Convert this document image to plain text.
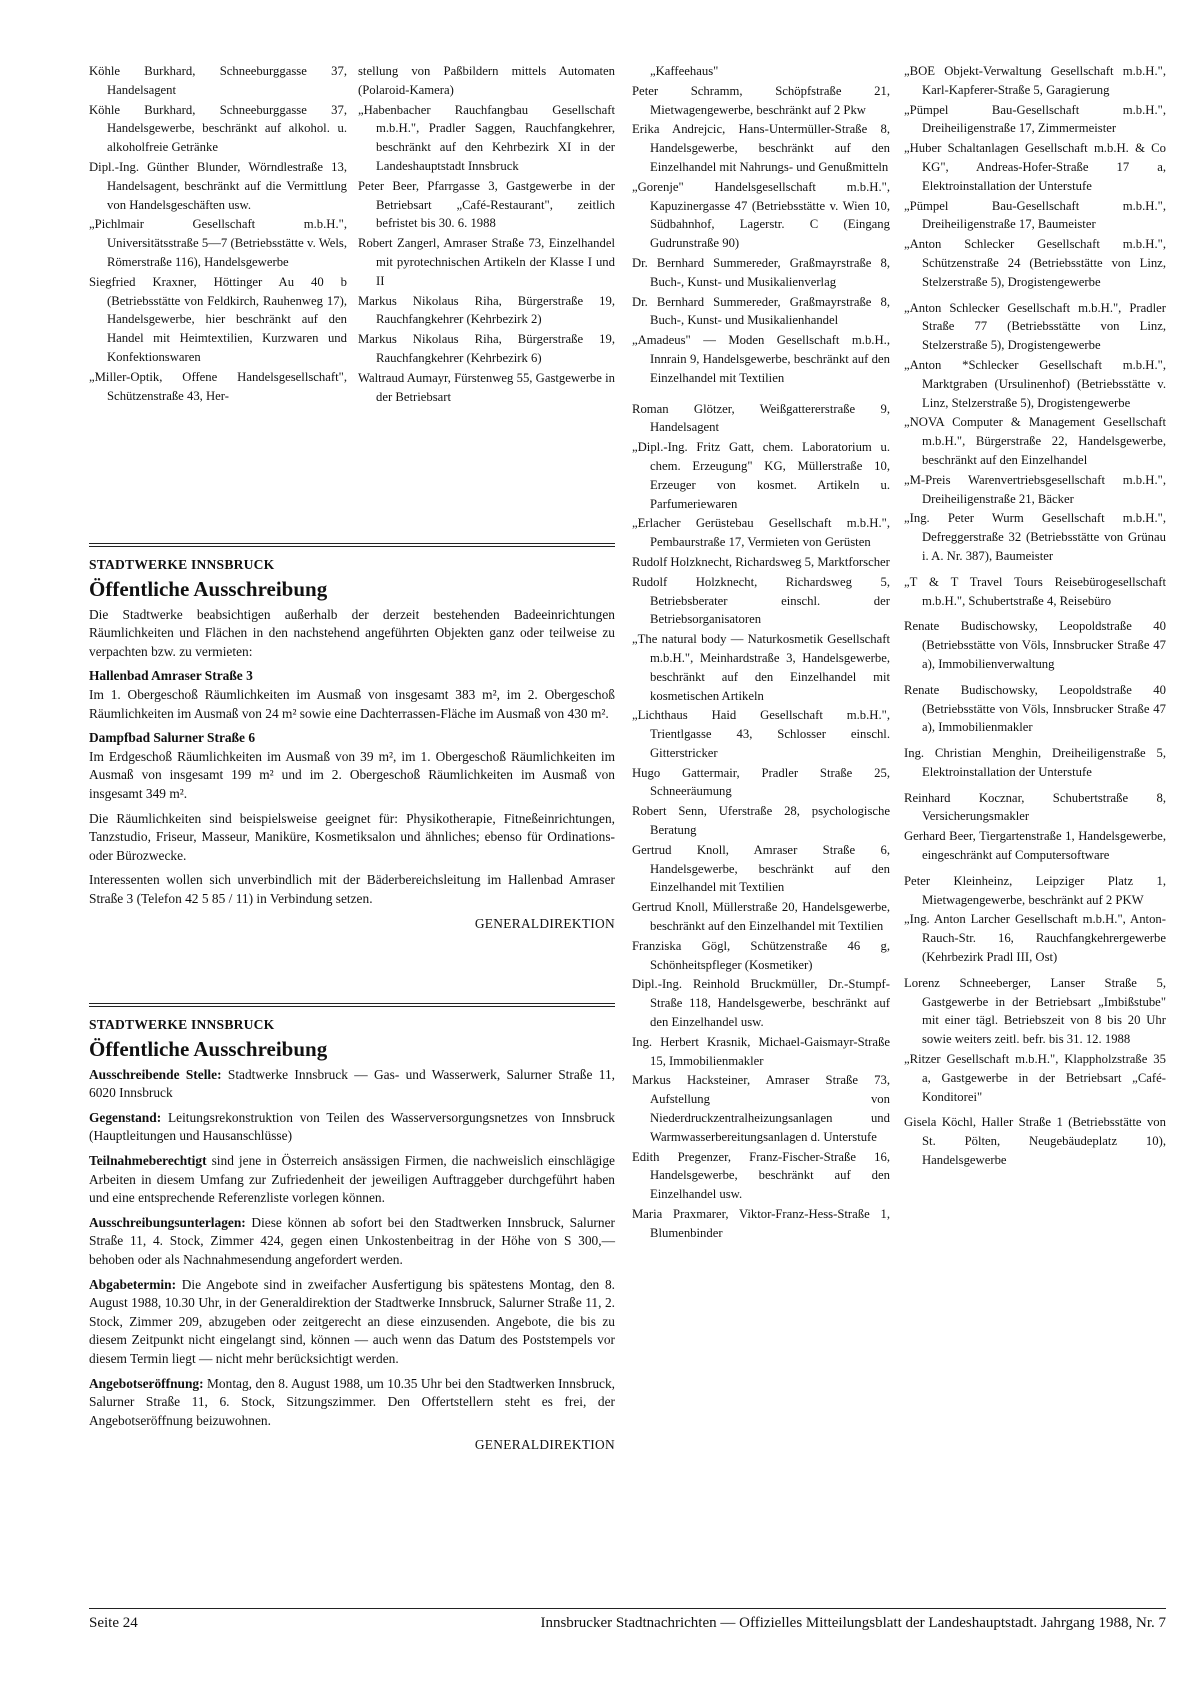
Köhle Burkhard, Schneeburggasse 37, Handelsagent

Köhle Burkhard, Schneeburggasse 37, Handelsgewerbe, beschränkt auf alkohol. u. alkoholfreie Getränke

Dipl.-Ing. Günther Blunder, Wörndlestraße 13, Handelsagent, beschränkt auf die Vermittlung von Handelsgeschäften usw.

„Pichlmair Gesellschaft m.b.H.", Universitätsstraße 5—7 (Betriebsstätte v. Wels, Römerstraße 116), Handelsgewerbe

Siegfried Kraxner, Höttinger Au 40 b (Betriebsstätte von Feldkirch, Rauhenweg 17), Handelsgewerbe, hier beschränkt auf den Handel mit Heimtextilien, Kurzwaren und Konfektionswaren

„Miller-Optik, Offene Handelsgesellschaft", Schützenstraße 43, Her-

stellung von Paßbildern mittels Automaten (Polaroid-Kamera)

„Habenbacher Rauchfangbau Gesellschaft m.b.H.", Pradler Saggen, Rauchfangkehrer, beschränkt auf den Kehrbezirk XI in der Landeshauptstadt Innsbruck

Peter Beer, Pfarrgasse 3, Gastgewerbe in der Betriebsart „Café-Restaurant", zeitlich befristet bis 30. 6. 1988

Robert Zangerl, Amraser Straße 73, Einzelhandel mit pyrotechnischen Artikeln der Klasse I und II

Markus Nikolaus Riha, Bürgerstraße 19, Rauchfangkehrer (Kehrbezirk 2)

Markus Nikolaus Riha, Bürgerstraße 19, Rauchfangkehrer (Kehrbezirk 6)

Waltraud Aumayr, Fürstenweg 55, Gastgewerbe in der Betriebsart

„Kaffeehaus"

Peter Schramm, Schöpfstraße 21, Mietwagengewerbe, beschränkt auf 2 Pkw

Erika Andrejcic, Hans-Untermüller-Straße 8, Handelsgewerbe, beschränkt auf den Einzelhandel mit Nahrungs- und Genußmitteln

„Gorenje" Handelsgesellschaft m.b.H.", Kapuzinergasse 47 (Betriebsstätte v. Wien 10, Südbahnhof, Lagerstr. C (Eingang Gudrunstraße 90)

Dr. Bernhard Summereder, Graßmayrstraße 8, Buch-, Kunst- und Musikalienverlag

Dr. Bernhard Summereder, Graßmayrstraße 8, Buch-, Kunst- und Musikalienhandel

„Amadeus" — Moden Gesellschaft m.b.H., Innrain 9, Handelsgewerbe, beschränkt auf den Einzelhandel mit Textilien

Roman Glötzer, Weißgattererstraße 9, Handelsagent

„Dipl.-Ing. Fritz Gatt, chem. Laboratorium u. chem. Erzeugung" KG, Müllerstraße 10, Erzeuger von kosmet. Artikeln u. Parfumeriewaren

„Erlacher Gerüstebau Gesellschaft m.b.H.", Pembaurstraße 17, Vermieten von Gerüsten

Rudolf Holzknecht, Richardsweg 5, Marktforscher

Rudolf Holzknecht, Richardsweg 5, Betriebsberater einschl. der Betriebsorganisatoren

„The natural body — Naturkosmetik Gesellschaft m.b.H.", Meinhardstraße 3, Handelsgewerbe, beschränkt auf den Einzelhandel mit kosmetischen Artikeln

„Lichthaus Haid Gesellschaft m.b.H.", Trientlgasse 43, Schlosser einschl. Gitterstricker

Hugo Gattermair, Pradler Straße 25, Schneeräumung

Robert Senn, Uferstraße 28, psychologische Beratung

Gertrud Knoll, Amraser Straße 6, Handelsgewerbe, beschränkt auf den Einzelhandel mit Textilien

Gertrud Knoll, Müllerstraße 20, Handelsgewerbe, beschränkt auf den Einzelhandel mit Textilien

Franziska Gögl, Schützenstraße 46 g, Schönheitspfleger (Kosmetiker)

Dipl.-Ing. Reinhold Bruckmüller, Dr.-Stumpf-Straße 118, Handelsgewerbe, beschränkt auf den Einzelhandel usw.

Ing. Herbert Krasnik, Michael-Gaismayr-Straße 15, Immobilienmakler

Markus Hacksteiner, Amraser Straße 73, Aufstellung von Niederdruckzentralheizungsanlagen und Warmwasserbereitungsanlagen d. Unterstufe

Edith Pregenzer, Franz-Fischer-Straße 16, Handelsgewerbe, beschränkt auf den Einzelhandel usw.

Maria Praxmarer, Viktor-Franz-Hess-Straße 1, Blumenbinder

„BOE Objekt-Verwaltung Gesellschaft m.b.H.", Karl-Kapferer-Straße 5, Garagierung

„Pümpel Bau-Gesellschaft m.b.H.", Dreiheiligenstraße 17, Zimmermeister

„Huber Schaltanlagen Gesellschaft m.b.H. & Co KG", Andreas-Hofer-Straße 17 a, Elektroinstallation der Unterstufe

„Pümpel Bau-Gesellschaft m.b.H.", Dreiheiligenstraße 17, Baumeister

„Anton Schlecker Gesellschaft m.b.H.", Schützenstraße 24 (Betriebsstätte von Linz, Stelzerstraße 5), Drogistengewerbe

„Anton Schlecker Gesellschaft m.b.H.", Pradler Straße 77 (Betriebsstätte von Linz, Stelzerstraße 5), Drogistengewerbe

„Anton *Schlecker Gesellschaft m.b.H.", Marktgraben (Ursulinenhof) (Betriebsstätte v. Linz, Stelzerstraße 5), Drogistengewerbe

„NOVA Computer & Management Gesellschaft m.b.H.", Bürgerstraße 22, Handelsgewerbe, beschränkt auf den Einzelhandel

„M-Preis Warenvertriebsgesellschaft m.b.H.", Dreiheiligenstraße 21, Bäcker

„Ing. Peter Wurm Gesellschaft m.b.H.", Defreggerstraße 32 (Betriebsstätte von Grünau i. A. Nr. 387), Baumeister

„T & T Travel Tours Reisebürogesellschaft m.b.H.", Schubertstraße 4, Reisebüro

Renate Budischowsky, Leopoldstraße 40 (Betriebsstätte von Völs, Innsbrucker Straße 47 a), Immobilienverwaltung

Renate Budischowsky, Leopoldstraße 40 (Betriebsstätte von Völs, Innsbrucker Straße 47 a), Immobilienmakler

Ing. Christian Menghin, Dreiheiligenstraße 5, Elektroinstallation der Unterstufe

Reinhard Kocznar, Schubertstraße 8, Versicherungsmakler

Gerhard Beer, Tiergartenstraße 1, Handelsgewerbe, eingeschränkt auf Computersoftware

Peter Kleinheinz, Leipziger Platz 1, Mietwagengewerbe, beschränkt auf 2 PKW

„Ing. Anton Larcher Gesellschaft m.b.H.", Anton-Rauch-Str. 16, Rauchfangkehrergewerbe (Kehrbezirk Pradl III, Ost)

Lorenz Schneeberger, Lanser Straße 5, Gastgewerbe in der Betriebsart „Imbißstube" mit einer tägl. Betriebszeit von 8 bis 20 Uhr sowie weiters zeitl. befr. bis 31. 12. 1988

„Ritzer Gesellschaft m.b.H.", Klappholzstraße 35 a, Gastgewerbe in der Betriebsart „Café-Konditorei"

Gisela Köchl, Haller Straße 1 (Betriebsstätte von St. Pölten, Neugebäudeplatz 10), Handelsgewerbe

STADTWERKE INNSBRUCK

Öffentliche Ausschreibung

Die Stadtwerke beabsichtigen außerhalb der derzeit bestehenden Badeeinrichtungen Räumlichkeiten und Flächen in den nachstehend angeführten Objekten ganz oder teilweise zu verpachten bzw. zu vermieten:

Hallenbad Amraser Straße 3

Im 1. Obergeschoß Räumlichkeiten im Ausmaß von insgesamt 383 m², im 2. Obergeschoß Räumlichkeiten im Ausmaß von 24 m² sowie eine Dachterrassen-Fläche im Ausmaß von 430 m².

Dampfbad Salurner Straße 6

Im Erdgeschoß Räumlichkeiten im Ausmaß von 39 m², im 1. Obergeschoß Räumlichkeiten im Ausmaß von insgesamt 199 m² und im 2. Obergeschoß Räumlichkeiten im Ausmaß von insgesamt 349 m².

Die Räumlichkeiten sind beispielsweise geeignet für: Physikotherapie, Fitneßeinrichtungen, Tanzstudio, Friseur, Masseur, Maniküre, Kosmetiksalon und ähnliches; ebenso für Ordinations- oder Bürozwecke.

Interessenten wollen sich unverbindlich mit der Bäderbereichsleitung im Hallenbad Amraser Straße 3 (Telefon 42 5 85 / 11) in Verbindung setzen.

GENERALDIREKTION

STADTWERKE INNSBRUCK

Öffentliche Ausschreibung

Ausschreibende Stelle: Stadtwerke Innsbruck — Gas- und Wasserwerk, Salurner Straße 11, 6020 Innsbruck

Gegenstand: Leitungsrekonstruktion von Teilen des Wasserversorgungsnetzes von Innsbruck (Hauptleitungen und Hausanschlüsse)

Teilnahmeberechtigt sind jene in Österreich ansässigen Firmen, die nachweislich einschlägige Arbeiten in diesem Umfang zur Zufriedenheit der jeweiligen Auftraggeber durchgeführt haben und eine entsprechende Referenzliste vorlegen können.

Ausschreibungsunterlagen: Diese können ab sofort bei den Stadtwerken Innsbruck, Salurner Straße 11, 4. Stock, Zimmer 424, gegen einen Unkostenbeitrag in der Höhe von S 300,— behoben oder als Nachnahmesendung angefordert werden.

Abgabetermin: Die Angebote sind in zweifacher Ausfertigung bis spätestens Montag, den 8. August 1988, 10.30 Uhr, in der Generaldirektion der Stadtwerke Innsbruck, Salurner Straße 11, 2. Stock, Zimmer 209, abzugeben oder zeitgerecht an diese einzusenden. Angebote, die bis zu diesem Zeitpunkt nicht eingelangt sind, können — auch wenn das Datum des Poststempels vor diesem Termin liegt — nicht mehr berücksichtigt werden.

Angebotseröffnung: Montag, den 8. August 1988, um 10.35 Uhr bei den Stadtwerken Innsbruck, Salurner Straße 11, 6. Stock, Sitzungszimmer. Den Offertstellern steht es frei, der Angebotseröffnung beizuwohnen.

GENERALDIREKTION

Seite 24	Innsbrucker Stadtnachrichten — Offizielles Mitteilungsblatt der Landeshauptstadt. Jahrgang 1988, Nr. 7
